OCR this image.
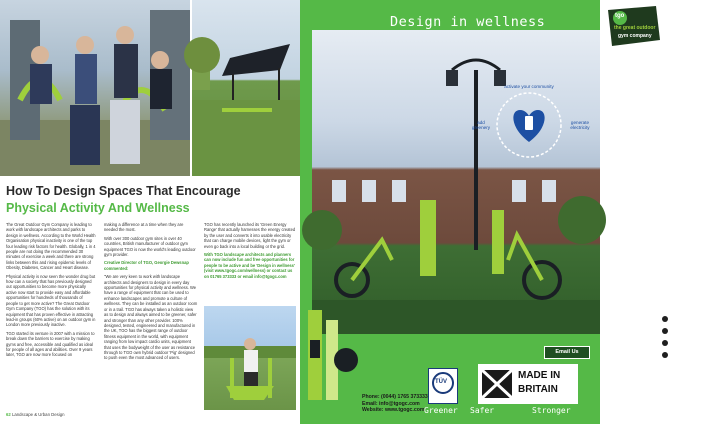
How To Design Spaces That Encourage
Physical Activity And Wellness

The Great Outdoor Gym Company is leading to work with landscape architects and parks to design in wellness. According to the World Health Organisation physical inactivity is one of the top four leading risk factors for health. Globally, 1 in 4 people are not doing the recommended 30 minutes of exercise a week and there are strong links between this and rising epidemic levels of Obesity, Diabetes, Cancer and Heart disease.

Physical activity is now seen the wonder drug but how can a society that has previously designed out opportunities to become more physically active now start to provide easy and affordable opportunities for hundreds of thousands of people to get more active? The Great Outdoor Gym Company (TGO) has the solution with its equipment that has proven effective in attracting lead-in groups (60% active) on an outdoor gym in London more previously inactive.

TGO started its venture in 2007 with a mission to break down the barriers to exercise by making gyms and free, accessible and qualified as ideal for people of all ages and abilities. Over 9 years later, TGO are now more focused on

making a difference at a time when they are needed the most.

With over 300 outdoor gym sites in over 40 countries, British manufacturer of outdoor gym equipment TGO is now the world's leading outdoor gym provider.

Creative Director of TGO, Georgie Dewsnap commented:

"We are very keen to work with landscape architects and designers to design in every day opportunities for physical activity and wellness. We have a range of equipment that can be used to enhance landscapes and promote a culture of wellness. They can be installed as an outdoor room or in a trail. TGO has always taken a holistic view as to design and always aimed to be greener, safer and stronger than any other provider. 100% designed, tested, engineered and manufactured in the UK, TGO has the biggest range of outdoor fitness equipment in the world, with equipment ranging from low impact cardio units, equipment that uses the bodyweight of the user as resistance through to TGO own hybrid outdoor 'Pig' designed to push even the most advanced of users.

TGO has recently launched its 'Green Energy Range' that actually harnesses the energy created by the user and converts it into usable electricity that can charge mobile devices, light the gym or even go back into a local building or the grid.

With TGO landscape architects and planners can now include fun and free opportunities for people to be active and be 'Design in wellness' (visit www.tgogc.com/wellness) or contact us on 01765 373333 or email info@tgogc.com

62 Landscape & Urban Design
tgo
the great outdoor
gym company
activate your community
add greenery
generate electricity
Design in wellness
@TGO_GreenGym
GreatOutdoorGym
TGOGC
TGOGym
Email Us
TÜV
MADE IN
BRITAIN
Phone: (0044) 1765 373333
Email: info@tgogc.com
Website: www.tgogc.com Greener Safer	Stronger
